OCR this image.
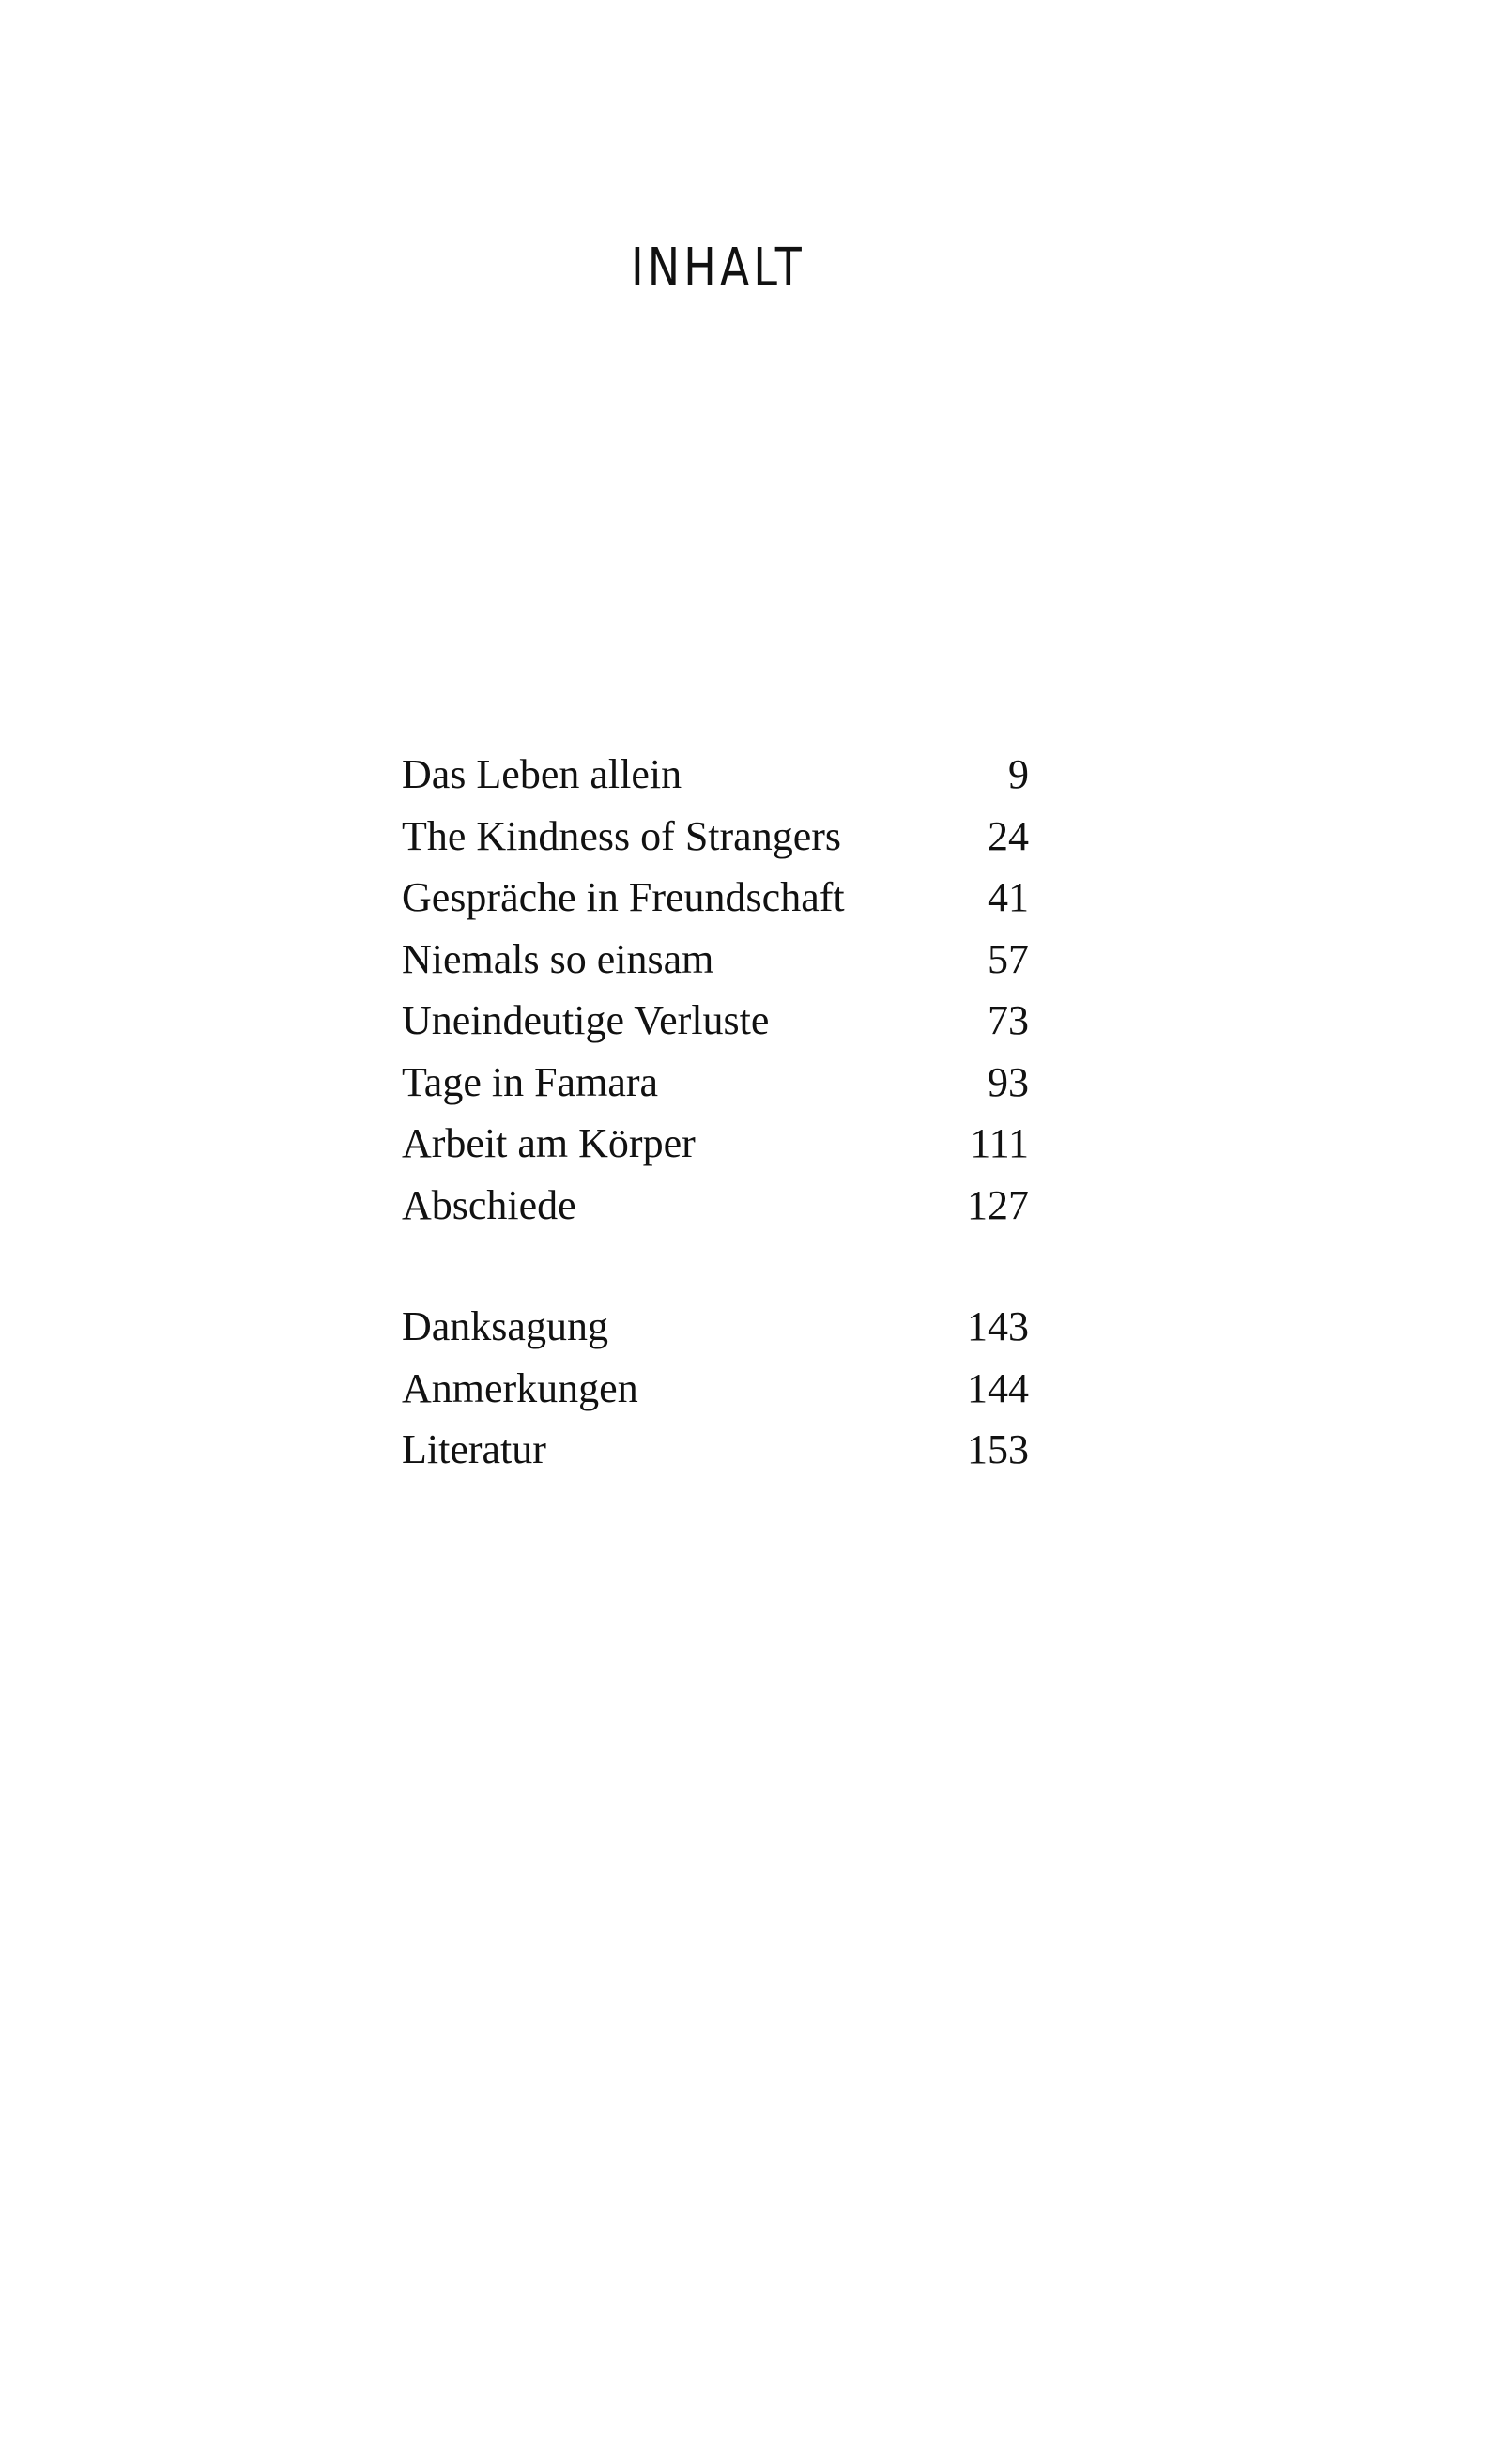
INHALT
Das Leben allein	9
The Kindness of Strangers	24
Gespräche in Freundschaft	41
Niemals so einsam	57
Uneindeutige Verluste	73
Tage in Famara	93
Arbeit am Körper	111
Abschiede	127
Danksagung	143
Anmerkungen	144
Literatur	153
